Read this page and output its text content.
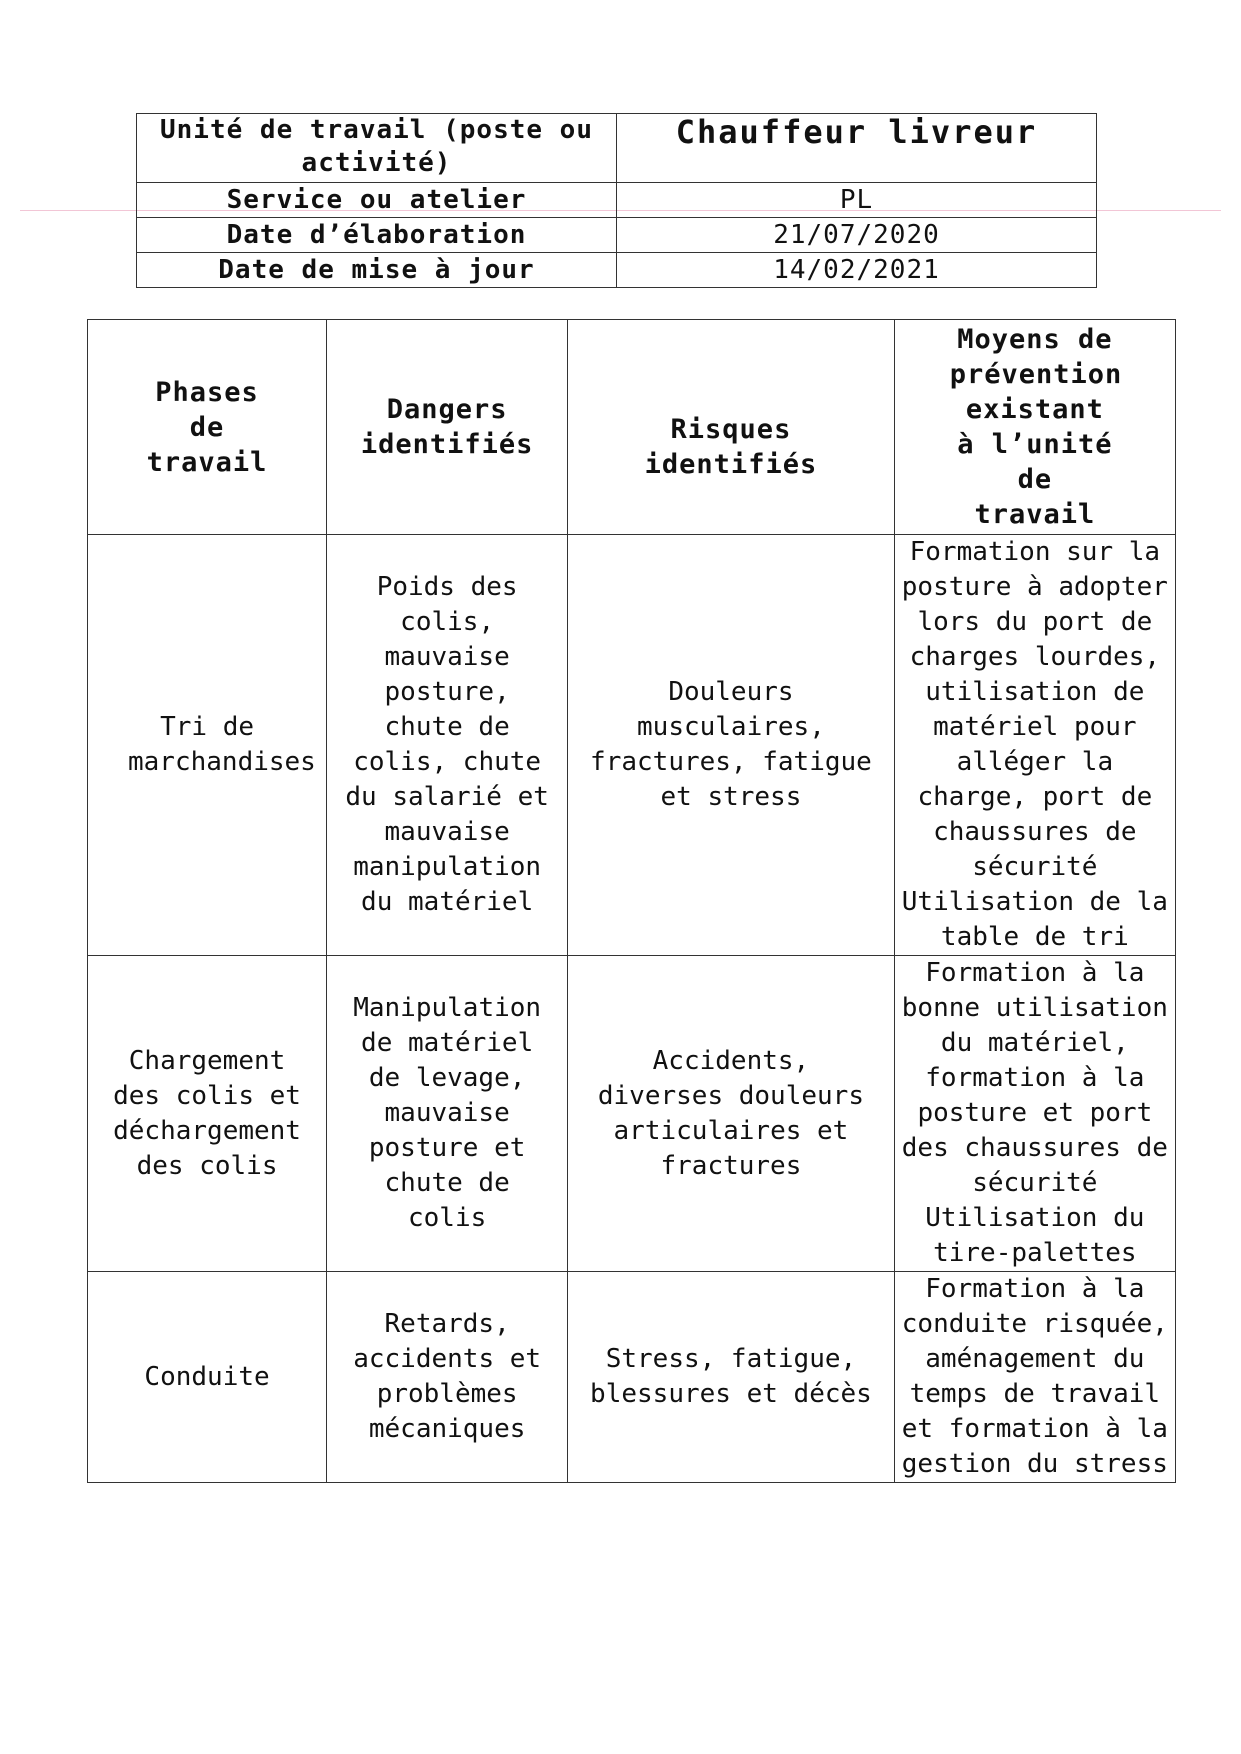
Unité de travail (poste ou activité)	Chauffeur livreur
Service ou atelier	PL
Date d’élaboration	21/07/2020
Date de mise à jour	14/02/2021
Phases de travail	Dangers identifiés	Risques identifiés	Moyens de prévention existant à l’unité de travail
Tri de marchandises	Poids des colis, mauvaise posture, chute de colis, chute du salarié et mauvaise manipulation du matériel	Douleurs musculaires, fractures, fatigue et stress	Formation sur la posture à adopter lors du port de charges lourdes, utilisation de matériel pour alléger la charge, port de chaussures de sécurité
Utilisation de la table de tri

Chargement des colis et déchargement des colis	Manipulation de matériel de levage, mauvaise posture et chute de colis	Accidents, diverses douleurs articulaires et fractures	Formation à la bonne utilisation du matériel, formation à la posture et port des chaussures de sécurité
Utilisation du tire-palettes

Conduite	Retards, accidents et problèmes mécaniques	Stress, fatigue, blessures et décès	Formation à la conduite risquée, aménagement du temps de travail et formation à la gestion du stress
